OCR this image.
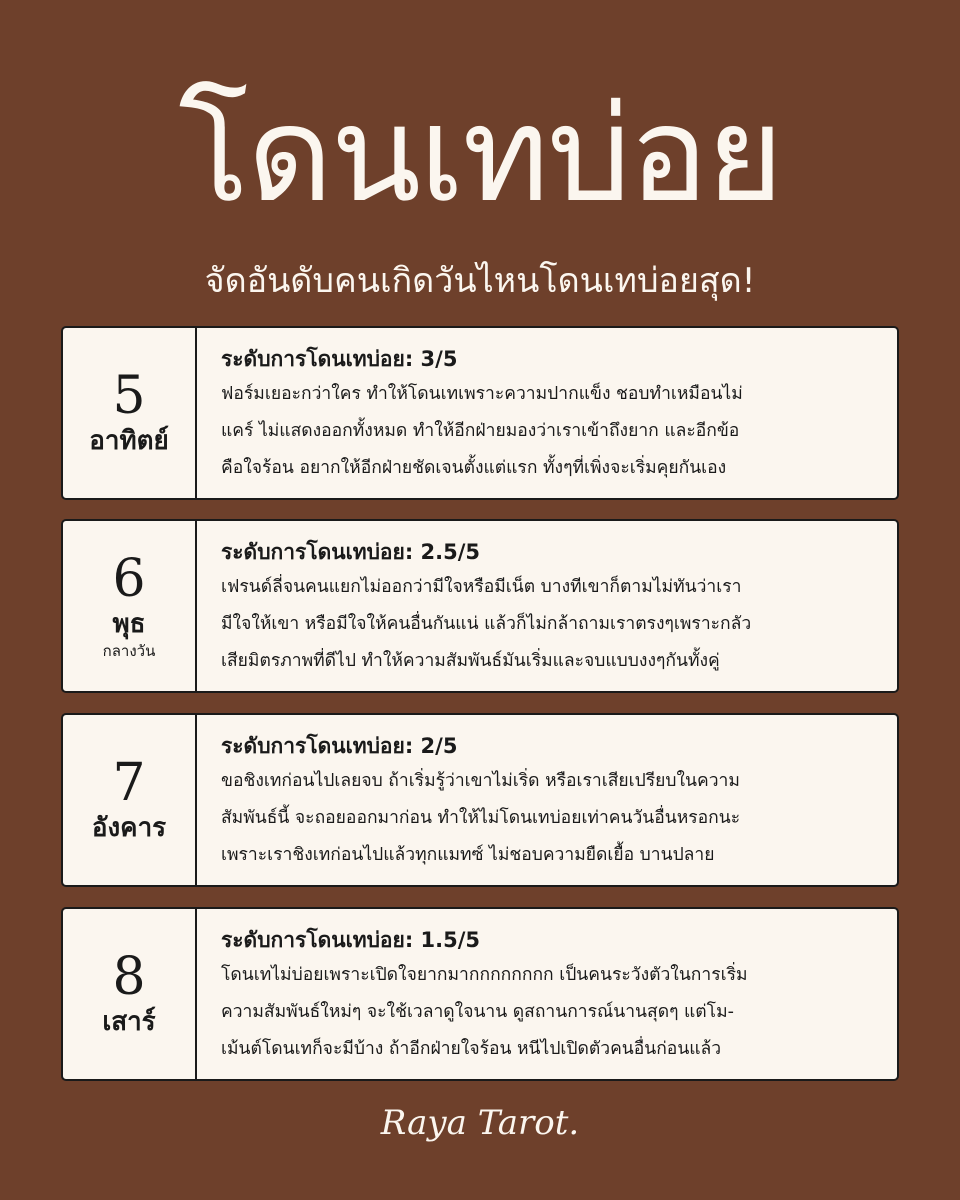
โดนเทบ่อย
จัดอันดับคนเกิดวันไหนโดนเทบ่อยสุด!
5
อาทิตย์
ระดับการโดนเทบ่อย: 3/5
ฟอร์มเยอะกว่าใคร ทำให้โดนเทเพราะความปากแข็ง ชอบทำเหมือนไม่
แคร์ ไม่แสดงออกทั้งหมด ทำให้อีกฝ่ายมองว่าเราเข้าถึงยาก และอีกข้อ
คือใจร้อน อยากให้อีกฝ่ายชัดเจนตั้งแต่แรก ทั้งๆที่เพิ่งจะเริ่มคุยกันเอง
6
พุธ
กลางวัน
ระดับการโดนเทบ่อย: 2.5/5
เฟรนด์ลี่จนคนแยกไม่ออกว่ามีใจหรือมีเน็ต บางทีเขาก็ตามไม่ทันว่าเรา
มีใจให้เขา หรือมีใจให้คนอื่นกันแน่ แล้วก็ไม่กล้าถามเราตรงๆเพราะกลัว
เสียมิตรภาพที่ดีไป ทำให้ความสัมพันธ์มันเริ่มและจบแบบงงๆกันทั้งคู่
7
อังคาร
ระดับการโดนเทบ่อย: 2/5
ขอชิงเทก่อนไปเลยจบ ถ้าเริ่มรู้ว่าเขาไม่เริ่ด หรือเราเสียเปรียบในความ
สัมพันธ์นี้ จะถอยออกมาก่อน ทำให้ไม่โดนเทบ่อยเท่าคนวันอื่นหรอกนะ
เพราะเราชิงเทก่อนไปแล้วทุกแมทซ์ ไม่ชอบความยืดเยื้อ บานปลาย
8
เสาร์
ระดับการโดนเทบ่อย: 1.5/5
โดนเทไม่บ่อยเพราะเปิดใจยากมากกกกกกกก เป็นคนระวังตัวในการเริ่ม
ความสัมพันธ์ใหม่ๆ จะใช้เวลาดูใจนาน ดูสถานการณ์นานสุดๆ แต่โม-
เม้นต์โดนเทก็จะมีบ้าง ถ้าอีกฝ่ายใจร้อน หนีไปเปิดตัวคนอื่นก่อนแล้ว
Raya Tarot.
